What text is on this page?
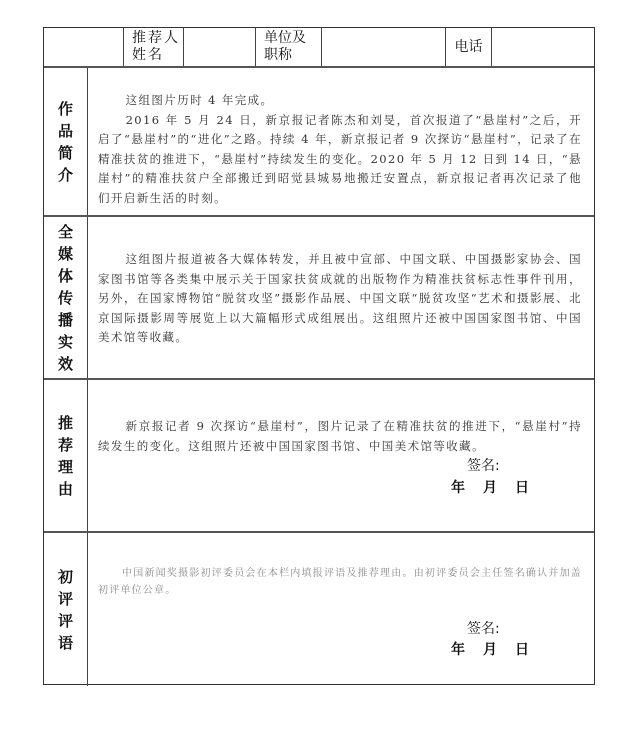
推荐人姓名
单位及职称
电话
作品简介

这组图片历时 4 年完成。

2016 年 5 月 24 日，新京报记者陈杰和刘旻，首次报道了“悬崖村”之后，开启了“悬崖村”的“进化”之路。持续 4 年，新京报记者 9 次探访“悬崖村”，记录了在精准扶贫的推进下，“悬崖村”持续发生的变化。2020 年 5 月 12 日到 14 日，“悬崖村”的精准扶贫户全部搬迁到昭觉县城易地搬迁安置点，新京报记者再次记录了他们开启新生活的时刻。

全媒体传播实效

这组图片报道被各大媒体转发，并且被中宣部、中国文联、中国摄影家协会、国家图书馆等各类集中展示关于国家扶贫成就的出版物作为精准扶贫标志性事件刊用，另外，在国家博物馆“脱贫攻坚”摄影作品展、中国文联“脱贫攻坚“艺术和摄影展、北京国际摄影周等展览上以大篇幅形式成组展出。这组照片还被中国国家图书馆、中国美术馆等收藏。

推荐理由

新京报记者 9 次探访“悬崖村”，图片记录了在精准扶贫的推进下，“悬崖村”持续发生的变化。这组照片还被中国国家图书馆、中国美术馆等收藏。

签名:
年 月 日
初评评语

中国新闻奖摄影初评委员会在本栏内填报评语及推荐理由。由初评委员会主任签名确认并加盖初评单位公章。

签名:
年 月 日
